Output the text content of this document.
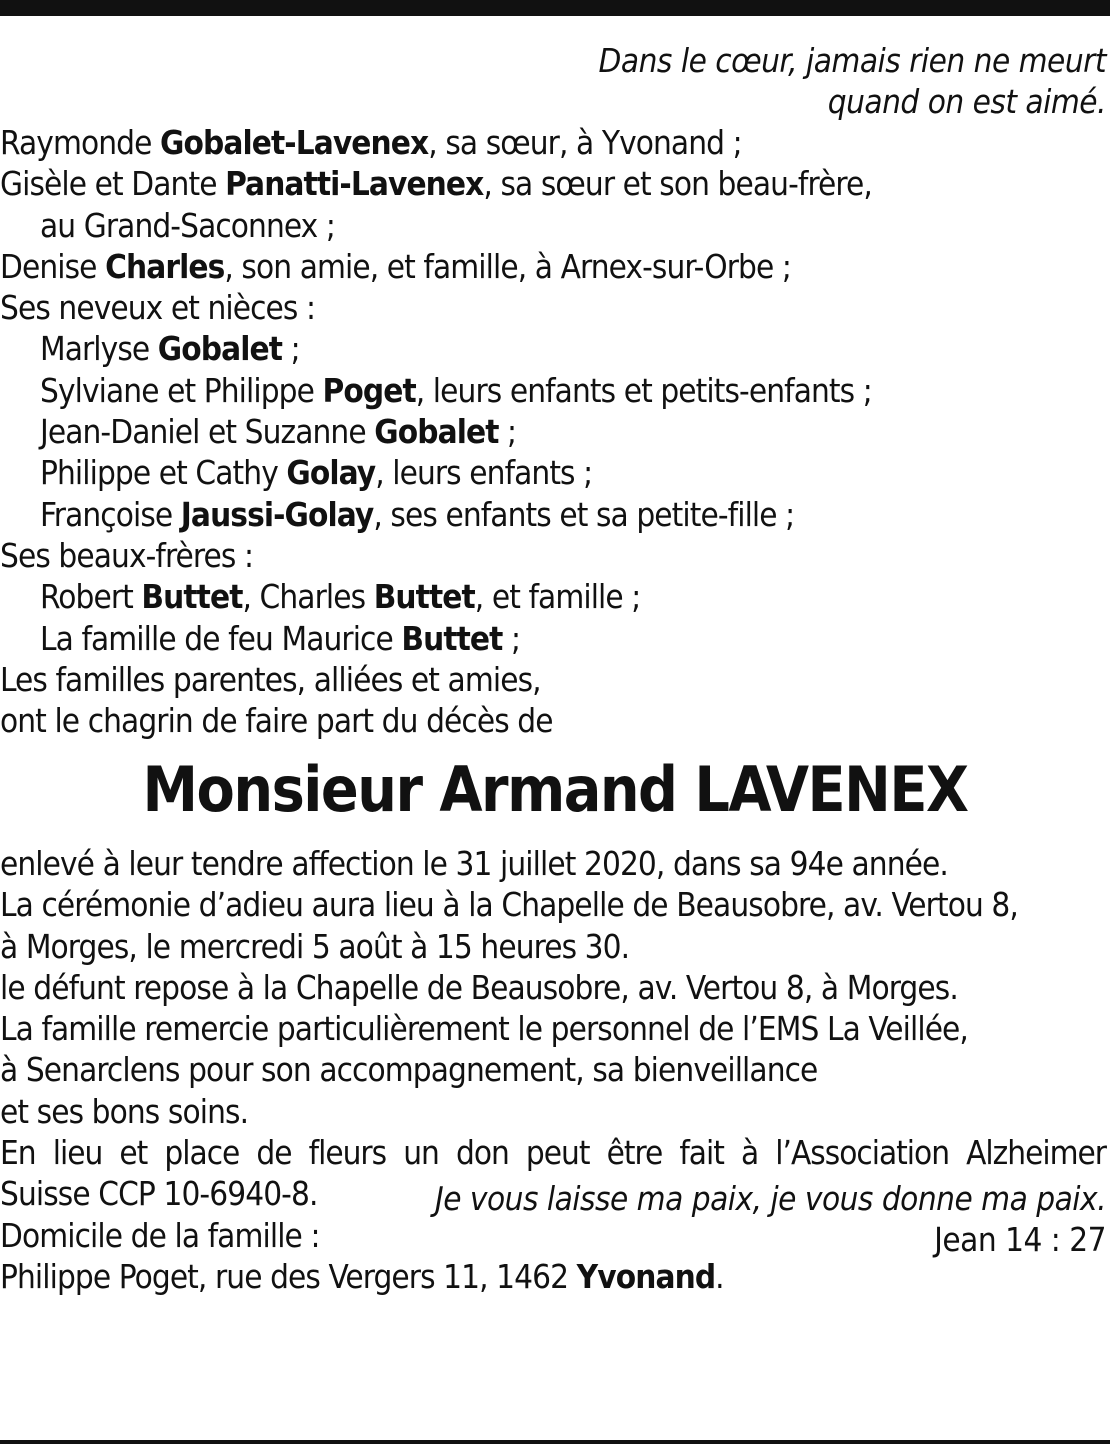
Dans le cœur, jamais rien ne meurt
quand on est aimé.
Raymonde Gobalet-Lavenex, sa sœur, à Yvonand ;
Gisèle et Dante Panatti-Lavenex, sa sœur et son beau-frère,
au Grand-Saconnex ;
Denise Charles, son amie, et famille, à Arnex-sur-Orbe ;
Ses neveux et nièces :
Marlyse Gobalet ;
Sylviane et Philippe Poget, leurs enfants et petits-enfants ;
Jean-Daniel et Suzanne Gobalet ;
Philippe et Cathy Golay, leurs enfants ;
Françoise Jaussi-Golay, ses enfants et sa petite-fille ;
Ses beaux-frères :
Robert Buttet, Charles Buttet, et famille ;
La famille de feu Maurice Buttet ;
Les familles parentes, alliées et amies,
ont le chagrin de faire part du décès de
Monsieur Armand LAVENEX
enlevé à leur tendre affection le 31 juillet 2020, dans sa 94e année.
La cérémonie d’adieu aura lieu à la Chapelle de Beausobre, av. Vertou 8,
à Morges, le mercredi 5 août à 15 heures 30.
le défunt repose à la Chapelle de Beausobre, av. Vertou 8, à Morges.
La famille remercie particulièrement le personnel de l’EMS La Veillée,
à Senarclens pour son accompagnement, sa bienveillance
et ses bons soins.
En lieu et place de fleurs un don peut être fait à l’Association Alzheimer
Suisse CCP 10-6940-8.
Domicile de la famille :
Philippe Poget, rue des Vergers 11, 1462 Yvonand.
Je vous laisse ma paix, je vous donne ma paix.
Jean 14 : 27
